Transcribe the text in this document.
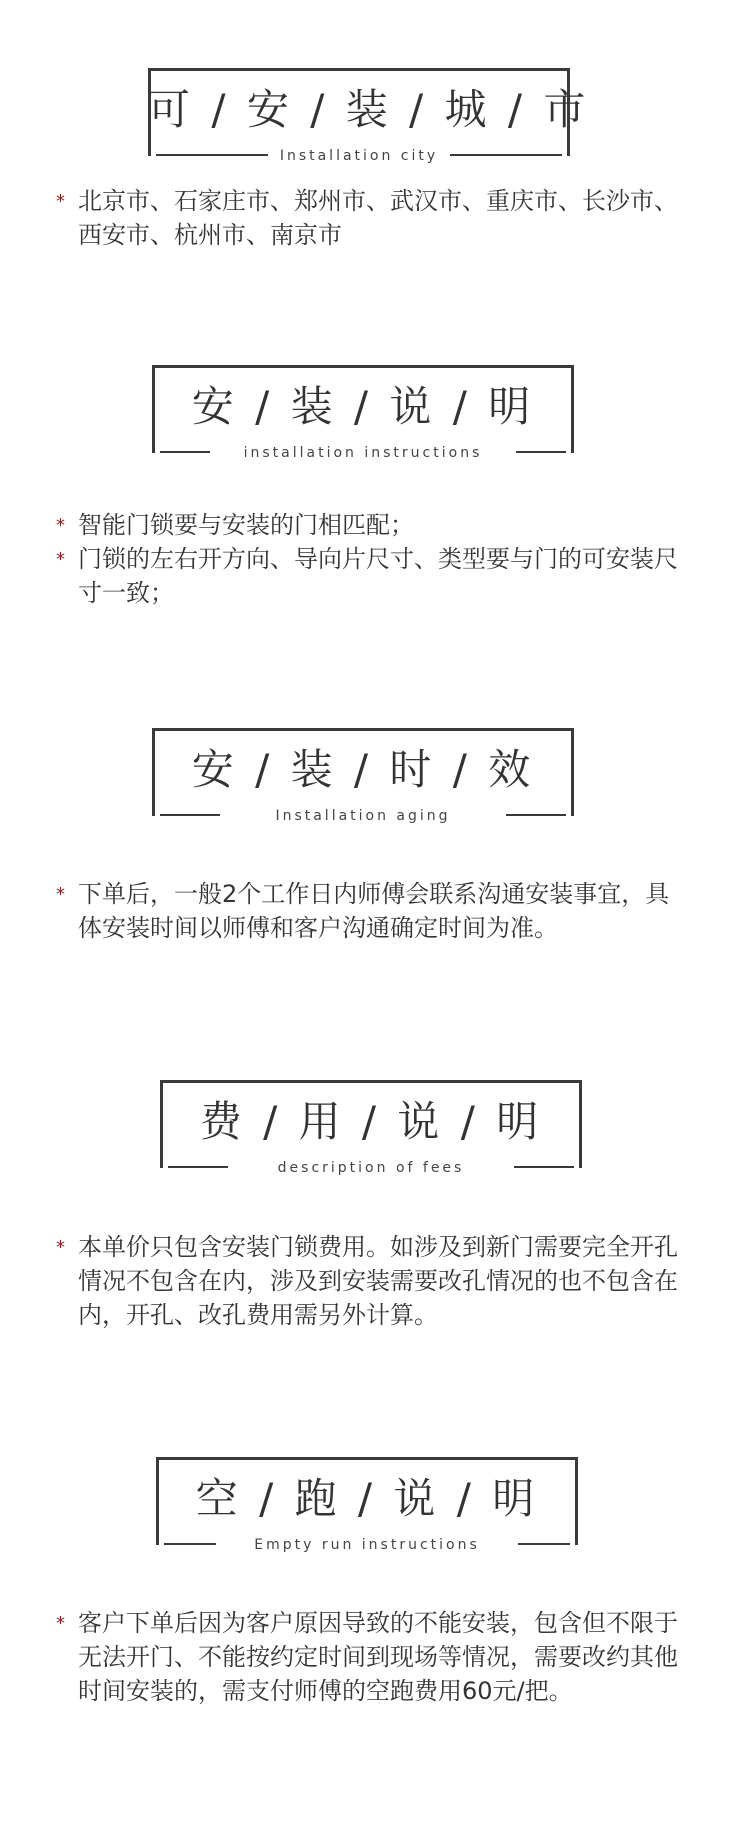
可 / 安 / 装 / 城 / 市
Installation city
* 北京市、石家庄市、郑州市、武汉市、重庆市、长沙市、西安市、杭州市、南京市
安 / 装 / 说 / 明
installation instructions
* 智能门锁要与安装的门相匹配；
* 门锁的左右开方向、导向片尺寸、类型要与门的可安装尺寸一致；
安 / 装 / 时 / 效
Installation aging
* 下单后，一般2个工作日内师傅会联系沟通安装事宜，具体安装时间以师傅和客户沟通确定时间为准。
费 / 用 / 说 / 明
description of fees
* 本单价只包含安装门锁费用。如涉及到新门需要完全开孔情况不包含在内，涉及到安装需要改孔情况的也不包含在内，开孔、改孔费用需另外计算。
空 / 跑 / 说 / 明
Empty run instructions
* 客户下单后因为客户原因导致的不能安装，包含但不限于无法开门、不能按约定时间到现场等情况，需要改约其他时间安装的，需支付师傅的空跑费用60元/把。
